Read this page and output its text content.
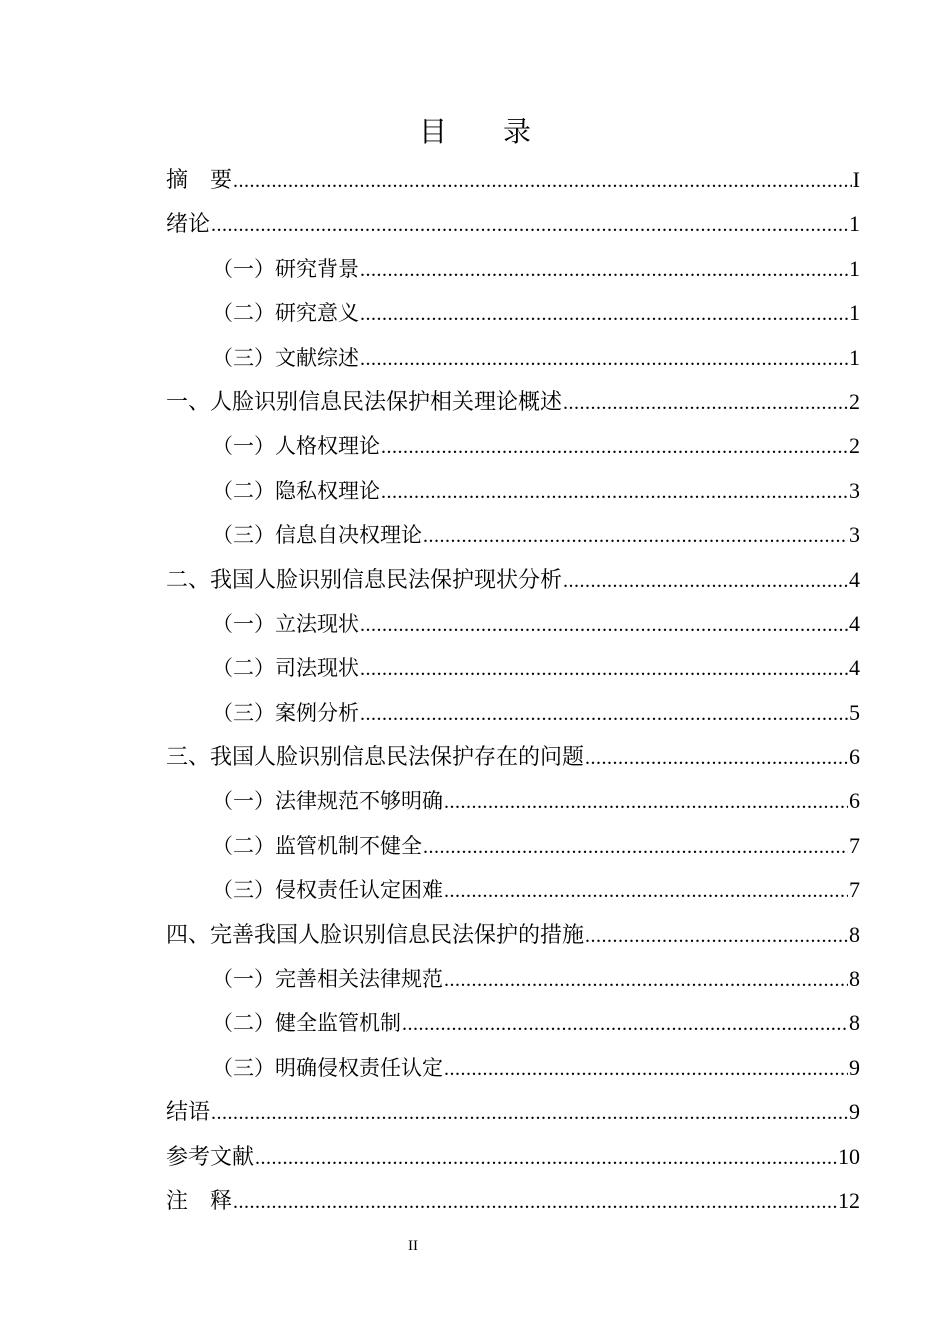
目 录
摘　要 .....	I
绪论 .....	1
（一）研究背景 .....	1
（二）研究意义 .....	1
（三）文献综述 .....	1
一、人脸识别信息民法保护相关理论概述 .....	2
（一）人格权理论 .....	2
（二）隐私权理论 .....	3
（三）信息自决权理论 .....	3
二、我国人脸识别信息民法保护现状分析 .....	4
（一）立法现状 .....	4
（二）司法现状 .....	4
（三）案例分析 .....	5
三、我国人脸识别信息民法保护存在的问题 .....	6
（一）法律规范不够明确 .....	6
（二）监管机制不健全 .....	7
（三）侵权责任认定困难 .....	7
四、完善我国人脸识别信息民法保护的措施 .....	8
（一）完善相关法律规范 .....	8
（二）健全监管机制 .....	8
（三）明确侵权责任认定 .....	9
结语 .....	9
参考文献 .....	10
注　释 .....	12
II
